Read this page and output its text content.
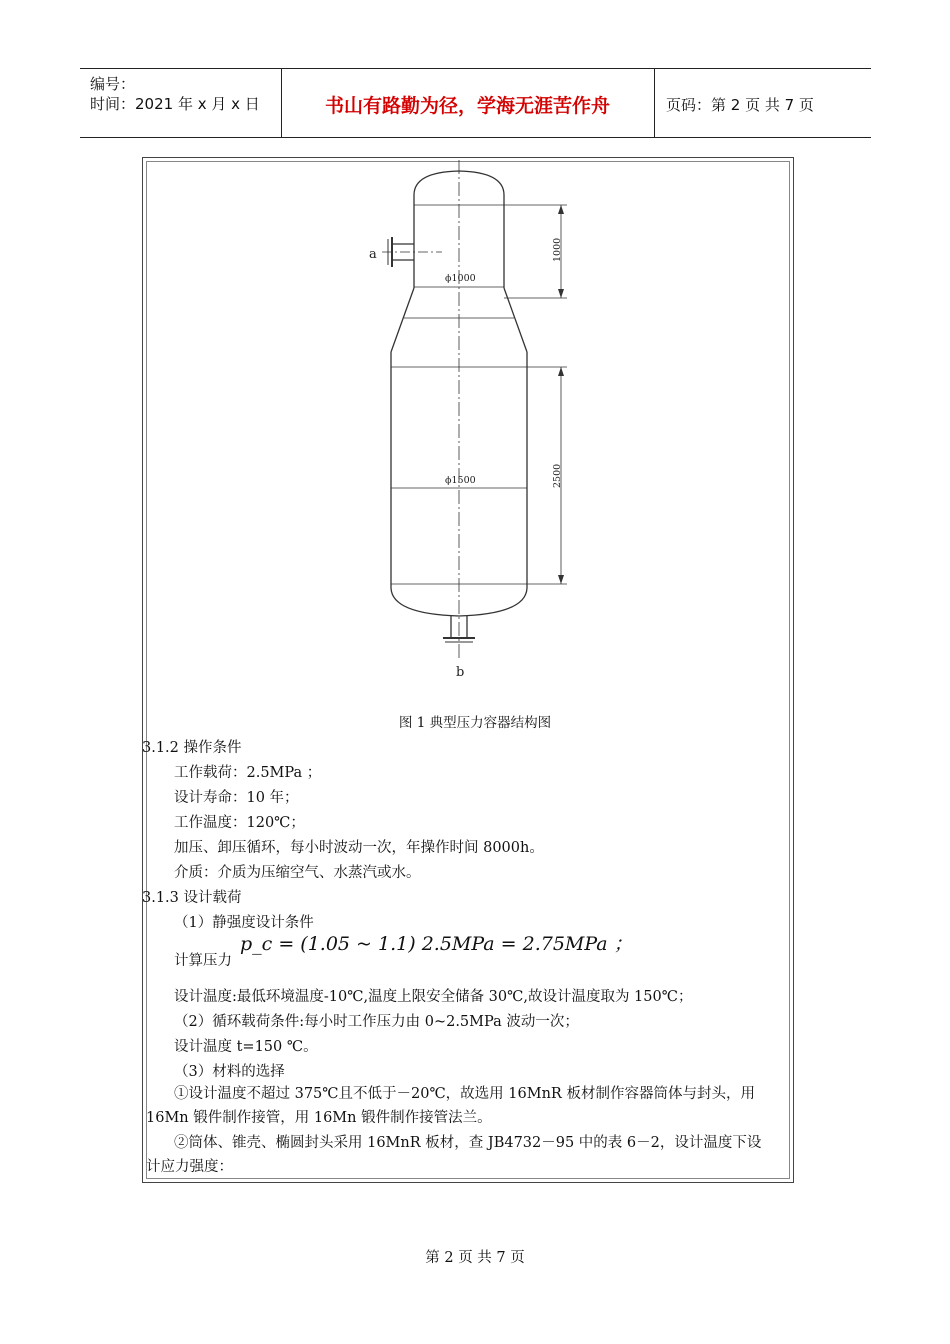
编号：
时间：2021 年 x 月 x 日	书山有路勤为径，学海无涯苦作舟	页码：第 2 页 共 7 页
a
b
ϕ1000
ϕ1500
1000
2500
图 1 典型压力容器结构图
3.1.2 操作条件
工作载荷：2.5MPa ；
设计寿命：10 年；
工作温度：120℃；
加压、卸压循环，每小时波动一次，年操作时间 8000h。
介质：介质为压缩空气、水蒸汽或水。
3.1.3 设计载荷
（1）静强度设计条件
p_c = (1.05 ~ 1.1) 2.5MPa = 2.75MPa ；
计算压力
设计温度:最低环境温度-10℃,温度上限安全储备 30℃,故设计温度取为 150℃；
（2）循环载荷条件:每小时工作压力由 0~2.5MPa 波动一次；
设计温度 t=150 ℃。
（3）材料的选择
①设计温度不超过 375℃且不低于－20℃，故选用 16MnR 板材制作容器筒体与封头，用 16Mn 锻件制作接管，用 16Mn 锻件制作接管法兰。
②筒体、锥壳、椭圆封头采用 16MnR 板材，查 JB4732－95 中的表 6－2，设计温度下设计应力强度：
第 2 页 共 7 页
